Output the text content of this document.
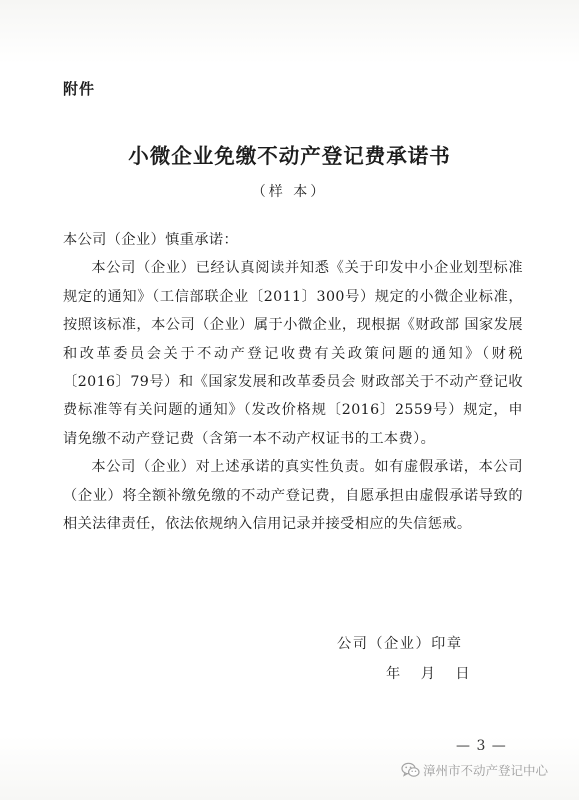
附件
小微企业免缴不动产登记费承诺书
（样 本）

本公司（企业）慎重承诺：

本公司（企业）已经认真阅读并知悉《关于印发中小企业划型标准规定的通知》（工信部联企业〔2011〕300号）规定的小微企业标准，按照该标准，本公司（企业）属于小微企业，现根据《财政部 国家发展和改革委员会关于不动产登记收费有关政策问题的通知》（财税〔2016〕79号）和《国家发展和改革委员会 财政部关于不动产登记收费标准等有关问题的通知》（发改价格规〔2016〕2559号）规定，申请免缴不动产登记费（含第一本不动产权证书的工本费）。

本公司（企业）对上述承诺的真实性负责。如有虚假承诺，本公司（企业）将全额补缴免缴的不动产登记费，自愿承担由虚假承诺导致的相关法律责任，依法依规纳入信用记录并接受相应的失信惩戒。

公司（企业）印章
年 月 日
— 3 —
漳州市不动产登记中心
